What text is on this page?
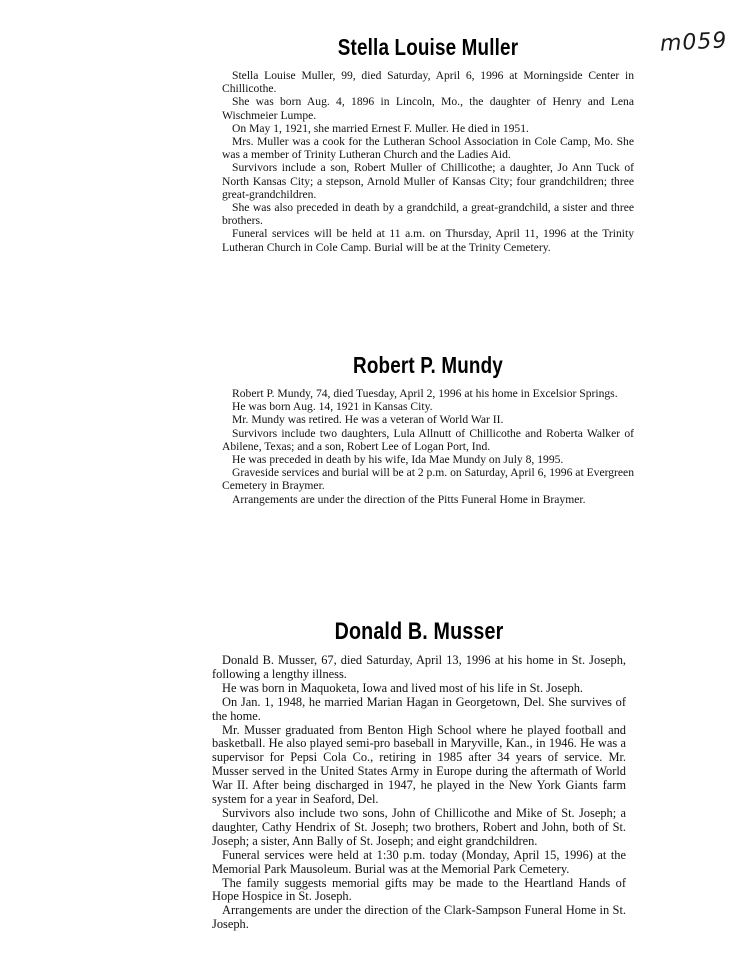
m059
Stella Louise Muller

Stella Louise Muller, 99, died Saturday, April 6, 1996 at Morningside Center in Chillicothe.

She was born Aug. 4, 1896 in Lincoln, Mo., the daughter of Henry and Lena Wischmeier Lumpe.

On May 1, 1921, she married Ernest F. Muller. He died in 1951.

Mrs. Muller was a cook for the Lutheran School Association in Cole Camp, Mo. She was a member of Trinity Lutheran Church and the Ladies Aid.

Survivors include a son, Robert Muller of Chillicothe; a daughter, Jo Ann Tuck of North Kansas City; a stepson, Arnold Muller of Kansas City; four grandchildren; three great-grandchildren.

She was also preceded in death by a grandchild, a great-grandchild, a sister and three brothers.

Funeral services will be held at 11 a.m. on Thursday, April 11, 1996 at the Trinity Lutheran Church in Cole Camp. Burial will be at the Trinity Cemetery.

Robert P. Mundy

Robert P. Mundy, 74, died Tuesday, April 2, 1996 at his home in Excelsior Springs.

He was born Aug. 14, 1921 in Kansas City.

Mr. Mundy was retired. He was a veteran of World War II.

Survivors include two daughters, Lula Allnutt of Chillicothe and Roberta Walker of Abilene, Texas; and a son, Robert Lee of Logan Port, Ind.

He was preceded in death by his wife, Ida Mae Mundy on July 8, 1995.

Graveside services and burial will be at 2 p.m. on Saturday, April 6, 1996 at Evergreen Cemetery in Braymer.

Arrangements are under the direction of the Pitts Funeral Home in Braymer.

Donald B. Musser

Donald B. Musser, 67, died Saturday, April 13, 1996 at his home in St. Joseph, following a lengthy illness.

He was born in Maquoketa, Iowa and lived most of his life in St. Joseph.

On Jan. 1, 1948, he married Marian Hagan in Georgetown, Del. She survives of the home.

Mr. Musser graduated from Benton High School where he played football and basketball. He also played semi-pro baseball in Maryville, Kan., in 1946. He was a supervisor for Pepsi Cola Co., retiring in 1985 after 34 years of service. Mr. Musser served in the United States Army in Europe during the aftermath of World War II. After being discharged in 1947, he played in the New York Giants farm system for a year in Seaford, Del.

Survivors also include two sons, John of Chillicothe and Mike of St. Joseph; a daughter, Cathy Hendrix of St. Joseph; two brothers, Robert and John, both of St. Joseph; a sister, Ann Bally of St. Joseph; and eight grandchildren.

Funeral services were held at 1:30 p.m. today (Monday, April 15, 1996) at the Memorial Park Mausoleum. Burial was at the Memorial Park Cemetery.

The family suggests memorial gifts may be made to the Heartland Hands of Hope Hospice in St. Joseph.

Arrangements are under the direction of the Clark-Sampson Funeral Home in St. Joseph.
